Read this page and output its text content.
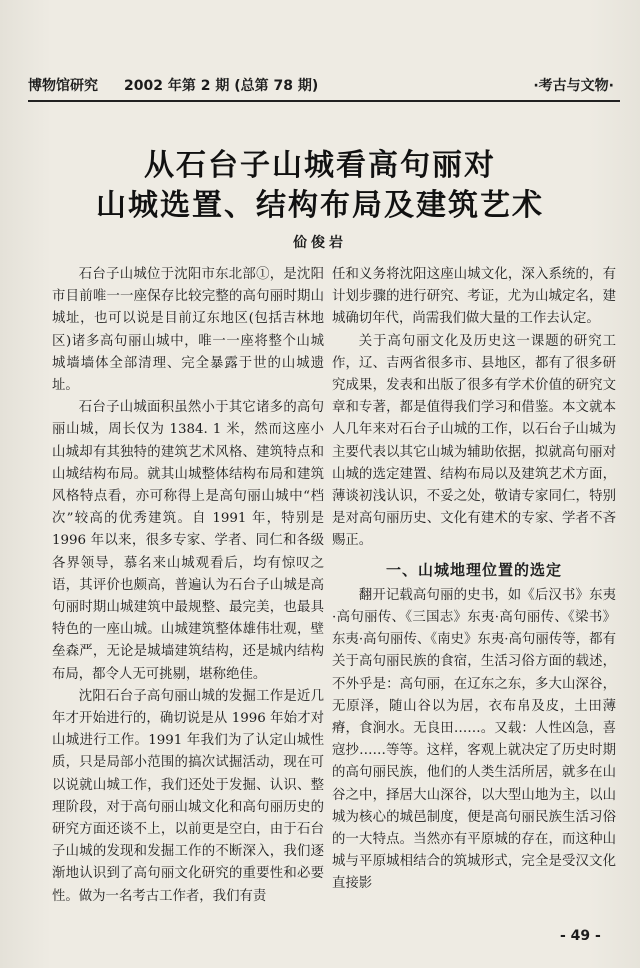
博物馆研究 2002 年第 2 期 (总第 78 期)	·考古与文物·
从石台子山城看高句丽对
山城选置、结构布局及建筑艺术
佡俊岩

石台子山城位于沈阳市东北部①，是沈阳市目前唯一一座保存比较完整的高句丽时期山城址，也可以说是目前辽东地区(包括吉林地区)诸多高句丽山城中，唯一一座将整个山城城墙墙体全部清理、完全暴露于世的山城遗址。

石台子山城面积虽然小于其它诸多的高句丽山城，周长仅为 1384. 1 米，然而这座小山城却有其独特的建筑艺术风格、建筑特点和山城结构布局。就其山城整体结构布局和建筑风格特点看，亦可称得上是高句丽山城中“档次”较高的优秀建筑。自 1991 年，特别是 1996 年以来，很多专家、学者、同仁和各级各界领导，慕名来山城观看后，均有惊叹之语，其评价也颇高，普遍认为石台子山城是高句丽时期山城建筑中最规整、最完美，也最具特色的一座山城。山城建筑整体雄伟壮观，壁垒森严，无论是城墙建筑结构，还是城内结构布局，都令人无可挑剔，堪称绝佳。

沈阳石台子高句丽山城的发掘工作是近几年才开始进行的，确切说是从 1996 年始才对山城进行工作。1991 年我们为了认定山城性质，只是局部小范围的搞次试掘活动，现在可以说就山城工作，我们还处于发掘、认识、整理阶段，对于高句丽山城文化和高句丽历史的研究方面还谈不上，以前更是空白，由于石台子山城的发现和发掘工作的不断深入，我们逐渐地认识到了高句丽文化研究的重要性和必要性。做为一名考古工作者，我们有责

任和义务将沈阳这座山城文化，深入系统的，有计划步骤的进行研究、考证，尤为山城定名，建城确切年代，尚需我们做大量的工作去认定。

关于高句丽文化及历史这一课题的研究工作，辽、吉两省很多市、县地区，都有了很多研究成果，发表和出版了很多有学术价值的研究文章和专著，都是值得我们学习和借鉴。本文就本人几年来对石台子山城的工作，以石台子山城为主要代表以其它山城为辅助依据，拟就高句丽对山城的选定建置、结构布局以及建筑艺术方面，薄谈初浅认识，不妥之处，敬请专家同仁，特别是对高句丽历史、文化有建术的专家、学者不吝赐正。

一、山城地理位置的选定

翻开记载高句丽的史书，如《后汉书》东夷·高句丽传、《三国志》东夷·高句丽传、《梁书》东夷·高句丽传、《南史》东夷·高句丽传等，都有关于高句丽民族的食宿，生活习俗方面的载述，不外乎是：高句丽，在辽东之东，多大山深谷，无原泽，随山谷以为居，衣布帛及皮，土田薄瘠，食涧水。无良田……。又载：人性凶急，喜寇抄……等等。这样，客观上就决定了历史时期的高句丽民族，他们的人类生活所居，就多在山谷之中，择居大山深谷，以大型山地为主，以山城为核心的城邑制度，便是高句丽民族生活习俗的一大特点。当然亦有平原城的存在，而这种山城与平原城相结合的筑城形式，完全是受汉文化直接影

- 49 -
